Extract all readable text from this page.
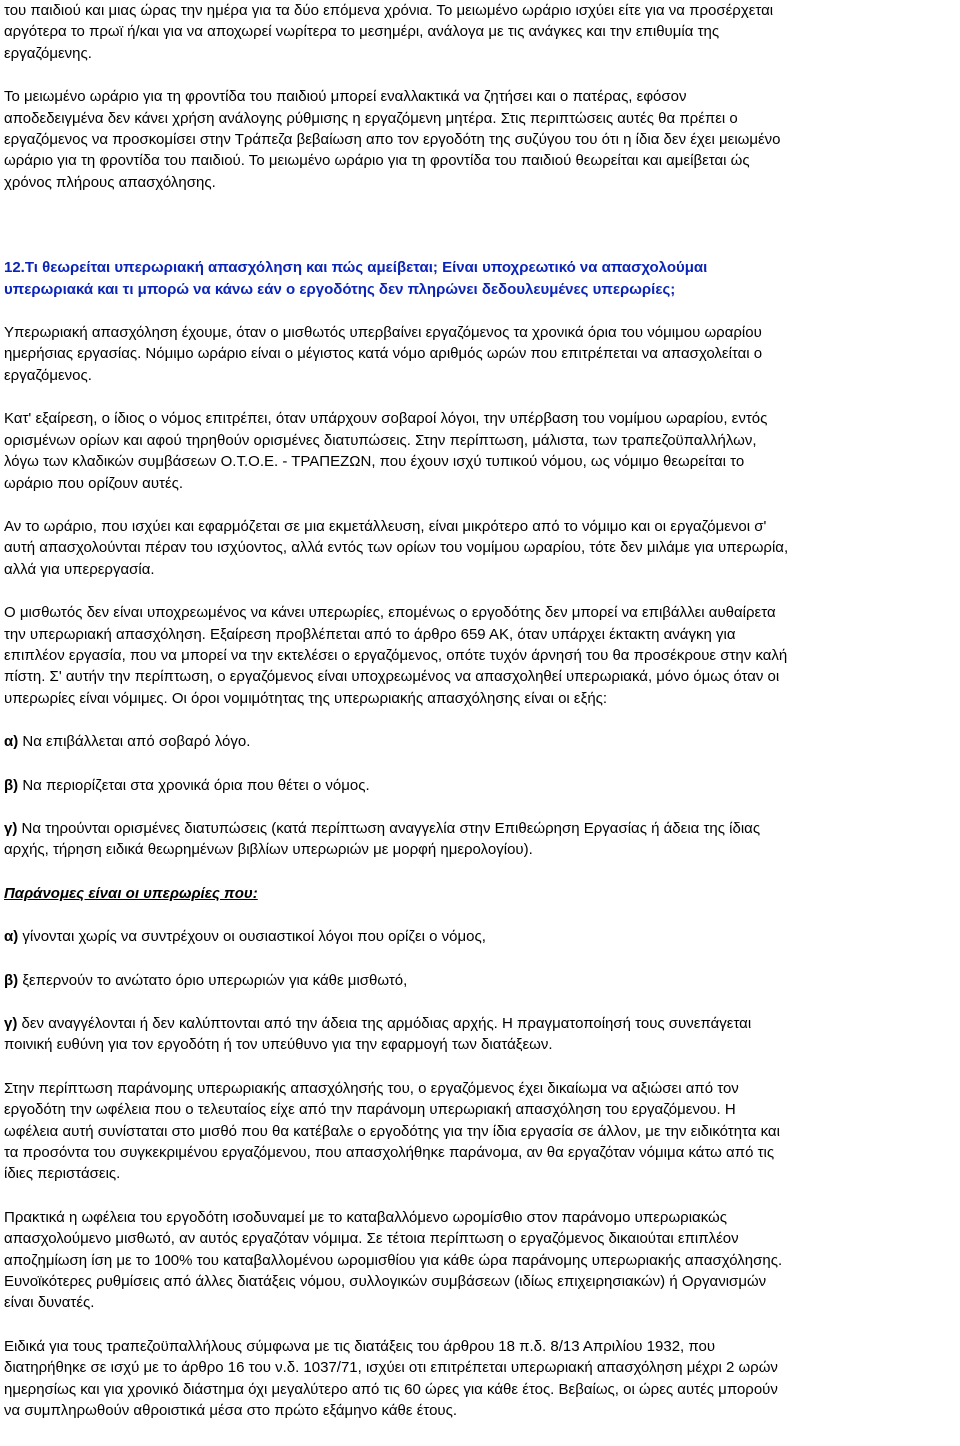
του παιδιού και μιας ώρας την ημέρα για τα δύο επόμενα χρόνια. Το μειωμένο ωράριο ισχύει είτε για να προσέρχεται
αργότερα το πρωϊ ή/και για να αποχωρεί νωρίτερα το μεσημέρι, ανάλογα με τις ανάγκες και την επιθυμία της
εργαζόμενης.

Το μειωμένο ωράριο για τη φροντίδα του παιδιού μπορεί εναλλακτικά να ζητήσει και ο πατέρας, εφόσον
αποδεδειγμένα δεν κάνει χρήση ανάλογης ρύθμισης η εργαζόμενη μητέρα. Στις περιπτώσεις αυτές θα πρέπει ο
εργαζόμενος να προσκομίσει στην Τράπεζα βεβαίωση απο τον εργοδότη της συζύγου του ότι η ίδια δεν έχει μειωμένο
ωράριο για τη φροντίδα του παιδιού. Το μειωμένο ωράριο για τη φροντίδα του παιδιού θεωρείται και αμείβεται ώς
χρόνος πλήρους απασχόλησης.

12.Τι θεωρείται υπερωριακή απασχόληση και πώς αμείβεται; Είναι υποχρεωτικό να απασχολούμαι
υπερωριακά και τι μπορώ να κάνω εάν ο εργοδότης δεν πληρώνει δεδουλευμένες υπερωρίες;

Υπερωριακή απασχόληση έχουμε, όταν ο μισθωτός υπερβαίνει εργαζόμενος τα χρονικά όρια του νόμιμου ωραρίου
ημερήσιας εργασίας. Νόμιμο ωράριο είναι ο μέγιστος κατά νόμο αριθμός ωρών που επιτρέπεται να απασχολείται ο
εργαζόμενος.

Κατ' εξαίρεση, ο ίδιος ο νόμος επιτρέπει, όταν υπάρχουν σοβαροί λόγοι, την υπέρβαση του νομίμου ωραρίου, εντός
ορισμένων ορίων και αφού τηρηθούν ορισμένες διατυπώσεις. Στην περίπτωση, μάλιστα, των τραπεζοϋπαλλήλων,
λόγω των κλαδικών συμβάσεων Ο.Τ.Ο.Ε. - ΤΡΑΠΕΖΩΝ, που έχουν ισχύ τυπικού νόμου, ως νόμιμο θεωρείται το
ωράριο που ορίζουν αυτές.

Αν το ωράριο, που ισχύει και εφαρμόζεται σε μια εκμετάλλευση, είναι μικρότερο από το νόμιμο και οι εργαζόμενοι σ'
αυτή απασχολούνται πέραν του ισχύοντος, αλλά εντός των ορίων του νομίμου ωραρίου, τότε δεν μιλάμε για υπερωρία,
αλλά για υπερεργασία.

Ο μισθωτός δεν είναι υποχρεωμένος να κάνει υπερωρίες, επομένως ο εργοδότης δεν μπορεί να επιβάλλει αυθαίρετα
την υπερωριακή απασχόληση. Εξαίρεση προβλέπεται από το άρθρο 659 ΑΚ, όταν υπάρχει έκτακτη ανάγκη για
επιπλέον εργασία, που να μπορεί να την εκτελέσει ο εργαζόμενος, οπότε τυχόν άρνησή του θα προσέκρουε στην καλή
πίστη. Σ' αυτήν την περίπτωση, ο εργαζόμενος είναι υποχρεωμένος να απασχοληθεί υπερωριακά, μόνο όμως όταν οι
υπερωρίες είναι νόμιμες. Οι όροι νομιμότητας της υπερωριακής απασχόλησης είναι οι εξής:

α) Να επιβάλλεται από σοβαρό λόγο.

β) Να περιορίζεται στα χρονικά όρια που θέτει ο νόμος.

γ) Να τηρούνται ορισμένες διατυπώσεις (κατά περίπτωση αναγγελία στην Επιθεώρηση Εργασίας ή άδεια της ίδιας
αρχής, τήρηση ειδικά θεωρημένων βιβλίων υπερωριών με μορφή ημερολογίου).

Παράνομες είναι οι υπερωρίες που:

α) γίνονται χωρίς να συντρέχουν οι ουσιαστικοί λόγοι που ορίζει ο νόμος,

β) ξεπερνούν το ανώτατο όριο υπερωριών για κάθε μισθωτό,

γ) δεν αναγγέλονται ή δεν καλύπτονται από την άδεια της αρμόδιας αρχής. Η πραγματοποίησή τους συνεπάγεται
ποινική ευθύνη για τον εργοδότη ή τον υπεύθυνο για την εφαρμογή των διατάξεων.

Στην περίπτωση παράνομης υπερωριακής απασχόλησής του, ο εργαζόμενος έχει δικαίωμα να αξιώσει από τον
εργοδότη την ωφέλεια που ο τελευταίος είχε από την παράνομη υπερωριακή απασχόληση του εργαζόμενου. Η
ωφέλεια αυτή συνίσταται στο μισθό που θα κατέβαλε ο εργοδότης για την ίδια εργασία σε άλλον, με την ειδικότητα και
τα προσόντα του συγκεκριμένου εργαζόμενου, που απασχολήθηκε παράνομα, αν θα εργαζόταν νόμιμα κάτω από τις
ίδιες περιστάσεις.

Πρακτικά η ωφέλεια του εργοδότη ισοδυναμεί με το καταβαλλόμενο ωρομίσθιο στον παράνομο υπερωριακώς
απασχολούμενο μισθωτό, αν αυτός εργαζόταν νόμιμα. Σε τέτοια περίπτωση ο εργαζόμενος δικαιούται επιπλέον
αποζημίωση ίση με το 100% του καταβαλλομένου ωρομισθίου για κάθε ώρα παράνομης υπερωριακής απασχόλησης.
Ευνοϊκότερες ρυθμίσεις από άλλες διατάξεις νόμου, συλλογικών συμβάσεων (ιδίως επιχειρησιακών) ή Οργανισμών
είναι δυνατές.

Ειδικά για τους τραπεζοϋπαλλήλους σύμφωνα με τις διατάξεις του άρθρου 18 π.δ. 8/13 Απριλίου 1932, που
διατηρήθηκε σε ισχύ με το άρθρο 16 του ν.δ. 1037/71, ισχύει οτι επιτρέπεται υπερωριακή απασχόληση μέχρι 2 ωρών
ημερησίως και για χρονικό διάστημα όχι μεγαλύτερο από τις 60 ώρες για κάθε έτος. Βεβαίως, οι ώρες αυτές μπορούν
να συμπληρωθούν αθροιστικά μέσα στο πρώτο εξάμηνο κάθε έτους.
